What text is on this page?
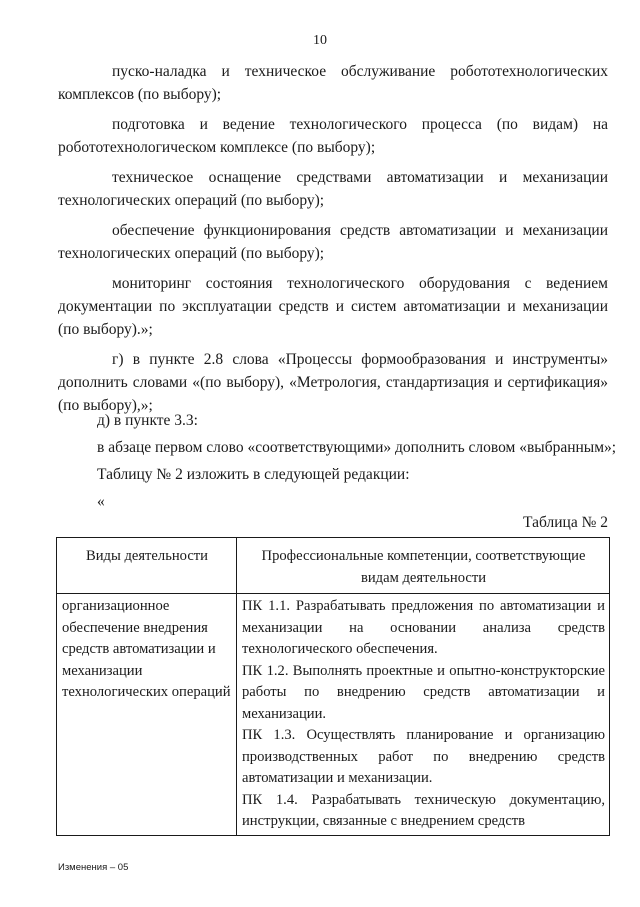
10

пуско-наладка и техническое обслуживание робототехнологических комплексов (по выбору);

подготовка и ведение технологического процесса (по видам) на робототехнологическом комплексе (по выбору);

техническое оснащение средствами автоматизации и механизации технологических операций (по выбору);

обеспечение функционирования средств автоматизации и механизации технологических операций (по выбору);

мониторинг состояния технологического оборудования с ведением документации по эксплуатации средств и систем автоматизации и механизации (по выбору).»;

г) в пункте 2.8 слова «Процессы формообразования и инструменты» дополнить словами «(по выбору), «Метрология, стандартизация и сертификация» (по выбору),»;

д) в пункте 3.3:
в абзаце первом слово «соответствующими» дополнить словом «выбранным»;
Таблицу № 2 изложить в следующей редакции:
«
Таблица № 2
Виды деятельности	Профессиональные компетенции, соответствующие видам деятельности
организационное обеспечение внедрения средств автоматизации и механизации технологических операций	ПК 1.1. Разрабатывать предложения по автоматизации и механизации на основании анализа средств технологического обеспечения.

ПК 1.2. Выполнять проектные и опытно-конструкторские работы по внедрению средств автоматизации и механизации.

ПК 1.3. Осуществлять планирование и организацию производственных работ по внедрению средств автоматизации и механизации.

ПК 1.4. Разрабатывать техническую документацию, инструкции, связанные с внедрением средств

Изменения – 05
